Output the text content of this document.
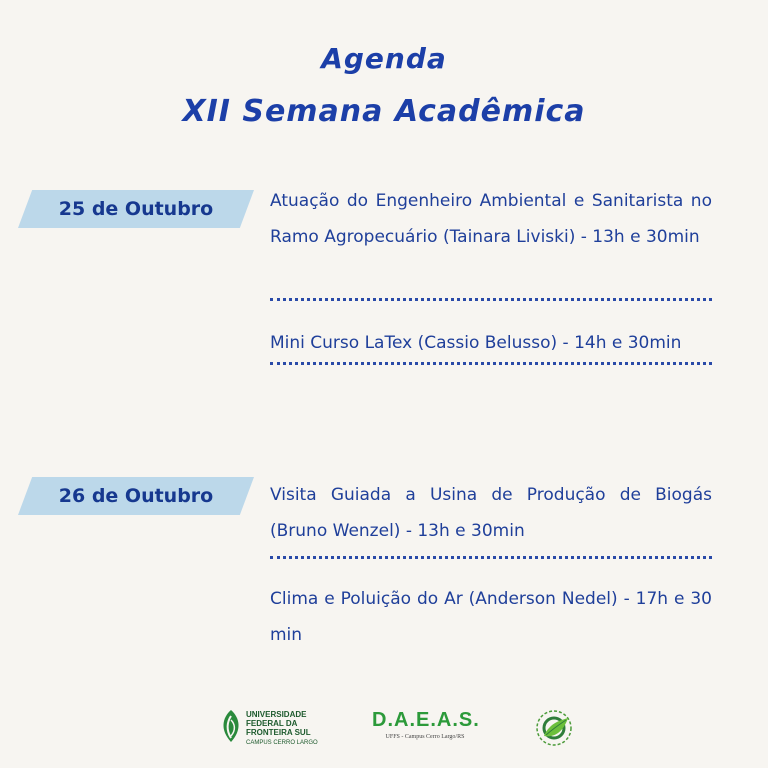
Agenda
XII Semana Acadêmica
25 de Outubro	Atuação do Engenheiro Ambiental e Sanitarista no Ramo Agropecuário (Tainara Liviski) - 13h e 30min
Mini Curso LaTex (Cassio Belusso) - 14h e 30min
26 de Outubro	Visita Guiada a Usina de Produção de Biogás (Bruno Wenzel) - 13h e 30min
Clima e Poluição do Ar (Anderson Nedel) - 17h e 30 min
UNIVERSIDADE FEDERAL DA FRONTEIRA SUL
CAMPUS CERRO LARGO
D.A.E.A.S.
UFFS - Campus Cerro Largo/RS
